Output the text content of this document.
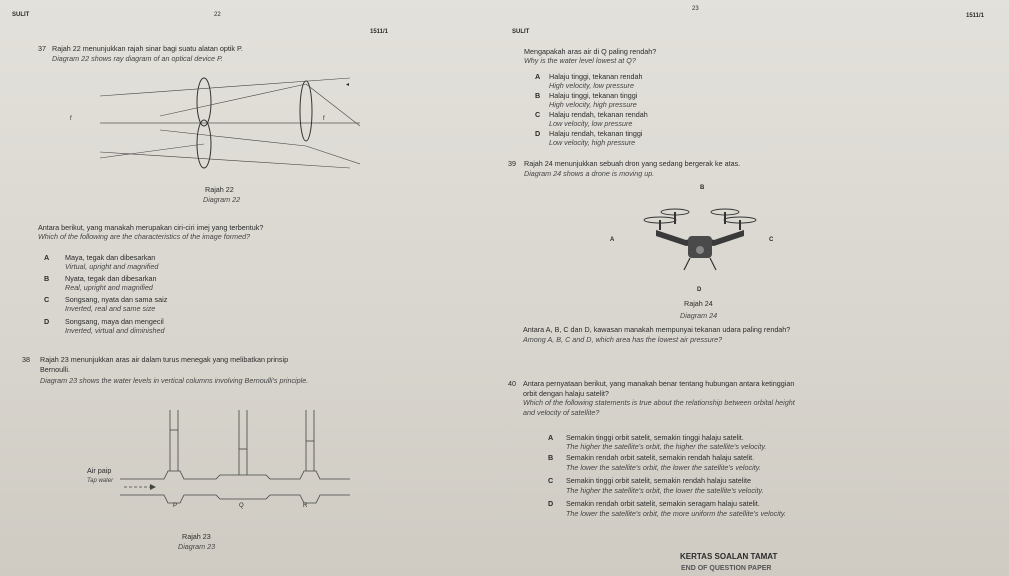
22
23
SULIT
1511/1	SULIT
1511/1
37 Rajah 22 menunjukkan rajah sinar bagi suatu alatan optik P.
Diagram 22 shows ray diagram of an optical device P.
f	f
◂
Rajah 22
Diagram 22
Antara berikut, yang manakah merupakan ciri-ciri imej yang terbentuk?
Which of the following are the characteristics of the image formed?
A Maya, tegak dan dibesarkan
Virtual, upright and magnified
B Nyata, tegak dan dibesarkan
Real, upright and magnified
C Songsang, nyata dan sama saiz
Inverted, real and same size
D Songsang, maya dan mengecil
Inverted, virtual and diminished
38 Rajah 23 menunjukkan aras air dalam turus menegak yang melibatkan prinsip
Bernoulli.
Diagram 23 shows the water levels in vertical columns involving Bernoulli's principle.
Air paip
Tap water
P	Q	R
Rajah 23
Diagram 23
Mengapakah aras air di Q paling rendah?
Why is the water level lowest at Q?
A Halaju tinggi, tekanan rendah
High velocity, low pressure
B Halaju tinggi, tekanan tinggi
High velocity, high pressure
C Halaju rendah, tekanan rendah
Low velocity, low pressure
D Halaju rendah, tekanan tinggi
Low velocity, high pressure
39 Rajah 24 menunjukkan sebuah dron yang sedang bergerak ke atas.
Diagram 24 shows a drone is moving up.
B
A	C
D
Rajah 24
Diagram 24
Antara A, B, C dan D, kawasan manakah mempunyai tekanan udara paling rendah?
Among A, B, C and D, which area has the lowest air pressure?
40 Antara pernyataan berikut, yang manakah benar tentang hubungan antara ketinggian
orbit dengan halaju satelit?
Which of the following statements is true about the relationship between orbital height
and velocity of satellite?
A Semakin tinggi orbit satelit, semakin tinggi halaju satelit.
The higher the satellite's orbit, the higher the satellite's velocity.
B Semakin rendah orbit satelit, semakin rendah halaju satelit.
The lower the satellite's orbit, the lower the satellite's velocity.
C Semakin tinggi orbit satelit, semakin rendah halaju satelite
The higher the satellite's orbit, the lower the satellite's velocity.
D Semakin rendah orbit satelit, semakin seragam halaju satelit.
The lower the satellite's orbit, the more uniform the satellite's velocity.
KERTAS SOALAN TAMAT
END OF QUESTION PAPER
